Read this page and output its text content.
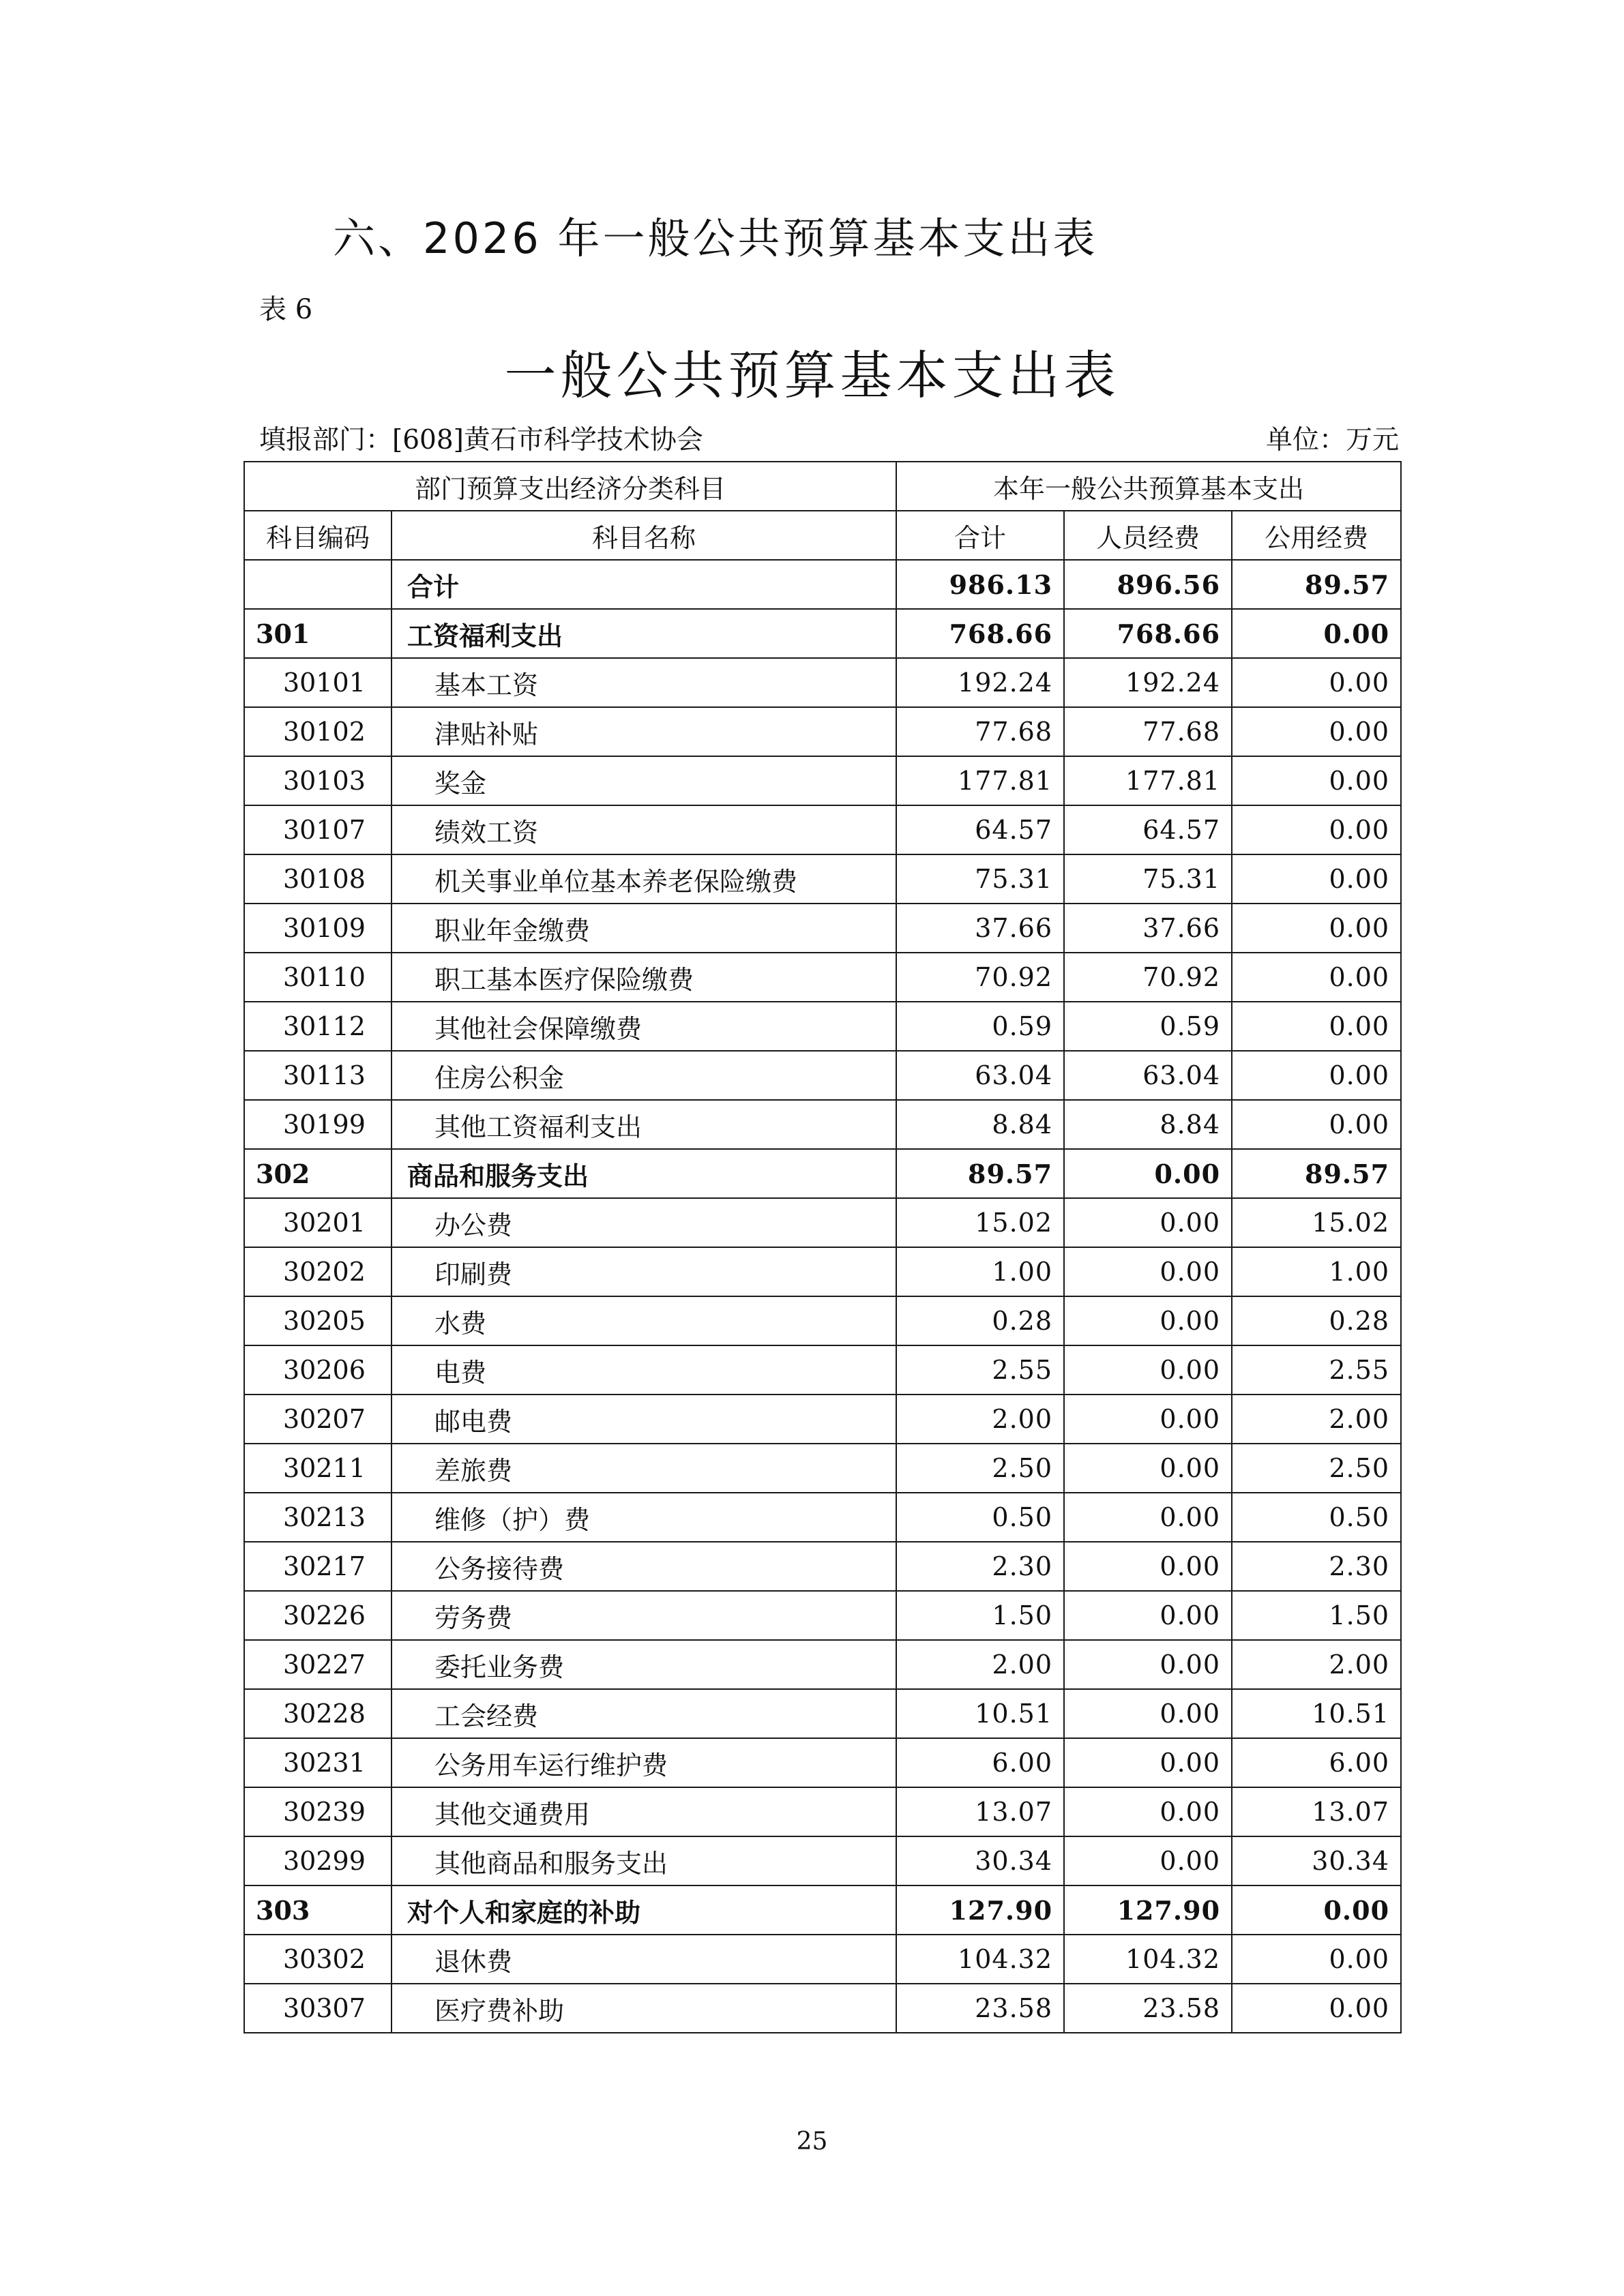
六、2026 年一般公共预算基本支出表
表 6
一般公共预算基本支出表
填报部门：[608]黄石市科学技术协会	单位：万元
部门预算支出经济分类科目		本年一般公共预算基本支出		
科目编码	科目名称	合计	人员经费	公用经费
	合计	986.13	896.56	89.57
301	工资福利支出	768.66	768.66	0.00
30101	基本工资	192.24	192.24	0.00
30102	津贴补贴	77.68	77.68	0.00
30103	奖金	177.81	177.81	0.00
30107	绩效工资	64.57	64.57	0.00
30108	机关事业单位基本养老保险缴费	75.31	75.31	0.00
30109	职业年金缴费	37.66	37.66	0.00
30110	职工基本医疗保险缴费	70.92	70.92	0.00
30112	其他社会保障缴费	0.59	0.59	0.00
30113	住房公积金	63.04	63.04	0.00
30199	其他工资福利支出	8.84	8.84	0.00
302	商品和服务支出	89.57	0.00	89.57
30201	办公费	15.02	0.00	15.02
30202	印刷费	1.00	0.00	1.00
30205	水费	0.28	0.00	0.28
30206	电费	2.55	0.00	2.55
30207	邮电费	2.00	0.00	2.00
30211	差旅费	2.50	0.00	2.50
30213	维修（护）费	0.50	0.00	0.50
30217	公务接待费	2.30	0.00	2.30
30226	劳务费	1.50	0.00	1.50
30227	委托业务费	2.00	0.00	2.00
30228	工会经费	10.51	0.00	10.51
30231	公务用车运行维护费	6.00	0.00	6.00
30239	其他交通费用	13.07	0.00	13.07
30299	其他商品和服务支出	30.34	0.00	30.34
303	对个人和家庭的补助	127.90	127.90	0.00
30302	退休费	104.32	104.32	0.00
30307	医疗费补助	23.58	23.58	0.00
25
